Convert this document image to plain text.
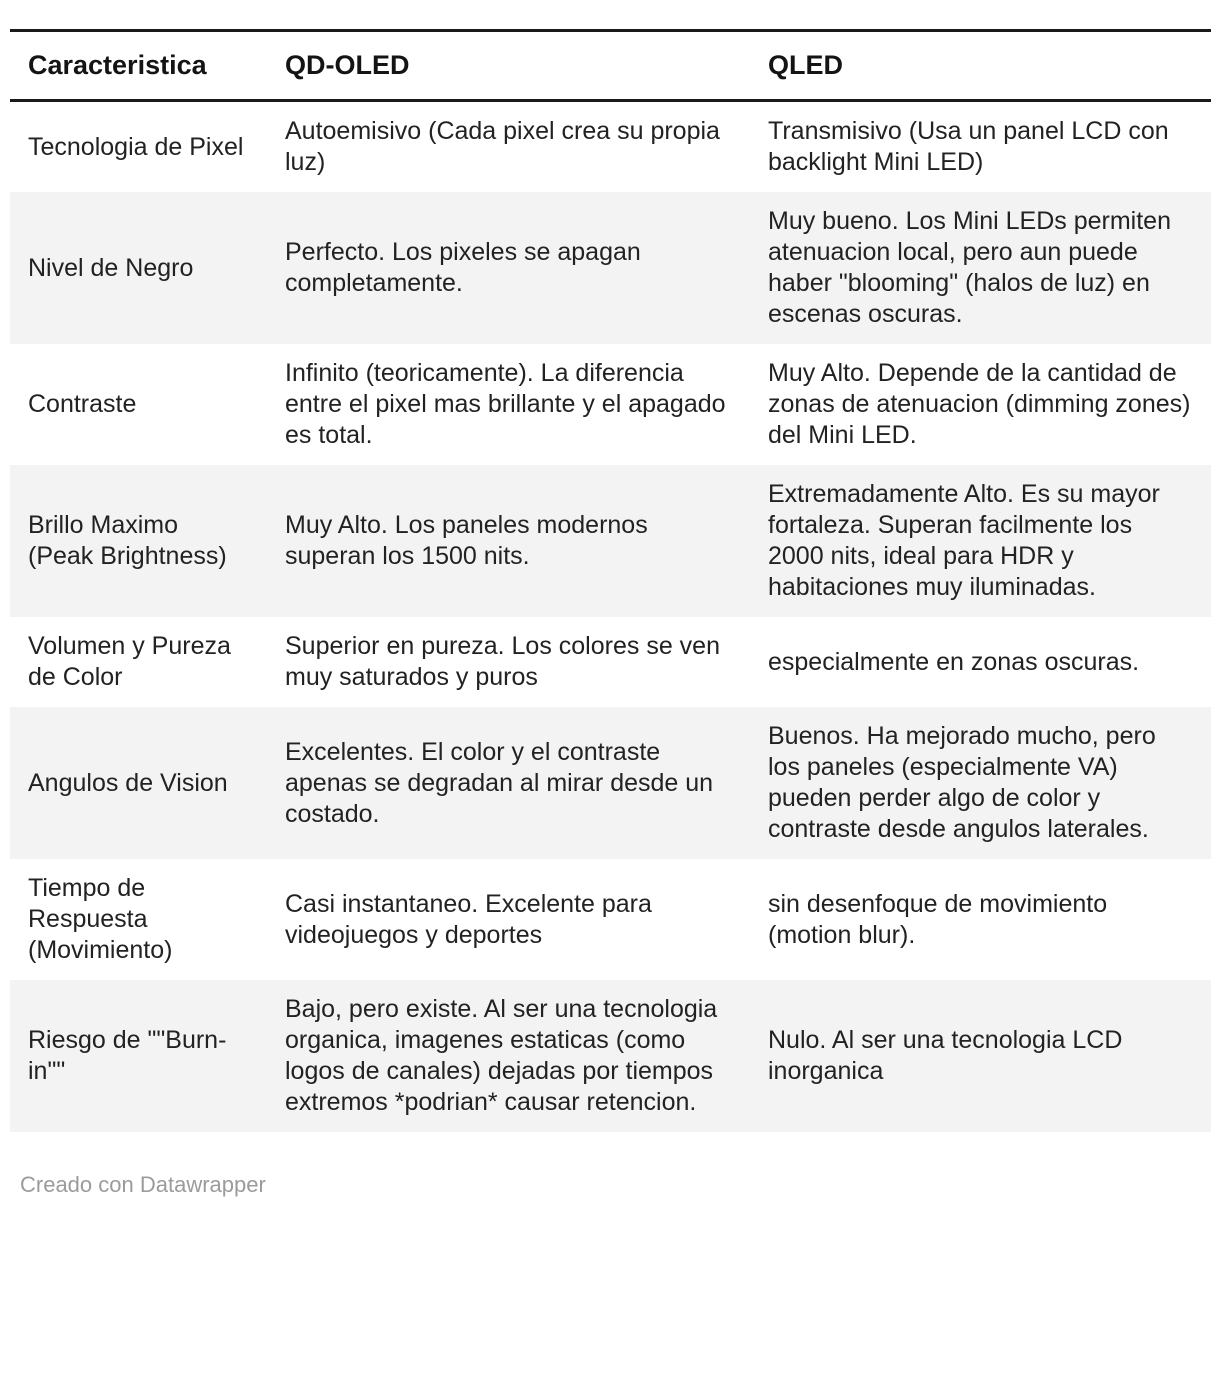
Caracteristica	QD-OLED	QLED
Tecnologia de Pixel	Autoemisivo (Cada pixel crea su propia luz)	Transmisivo (Usa un panel LCD con backlight Mini LED)
Nivel de Negro	Perfecto. Los pixeles se apagan completamente.	Muy bueno. Los Mini LEDs permiten atenuacion local, pero aun puede haber "blooming" (halos de luz) en escenas oscuras.
Contraste	Infinito (teoricamente). La diferencia entre el pixel mas brillante y el apagado es total.	Muy Alto. Depende de la cantidad de zonas de atenuacion (dimming zones) del Mini LED.
Brillo Maximo (Peak Brightness)	Muy Alto. Los paneles modernos superan los 1500 nits.	Extremadamente Alto. Es su mayor fortaleza. Superan facilmente los 2000 nits, ideal para HDR y habitaciones muy iluminadas.
Volumen y Pureza de Color	Superior en pureza. Los colores se ven muy saturados y puros	especialmente en zonas oscuras.
Angulos de Vision	Excelentes. El color y el contraste apenas se degradan al mirar desde un costado.	Buenos. Ha mejorado mucho, pero los paneles (especialmente VA) pueden perder algo de color y contraste desde angulos laterales.
Tiempo de Respuesta (Movimiento)	Casi instantaneo. Excelente para videojuegos y deportes	sin desenfoque de movimiento (motion blur).
Riesgo de ""Burn-in""	Bajo, pero existe. Al ser una tecnologia organica, imagenes estaticas (como logos de canales) dejadas por tiempos extremos *podrian* causar retencion.	Nulo. Al ser una tecnologia LCD inorganica
Creado con Datawrapper
